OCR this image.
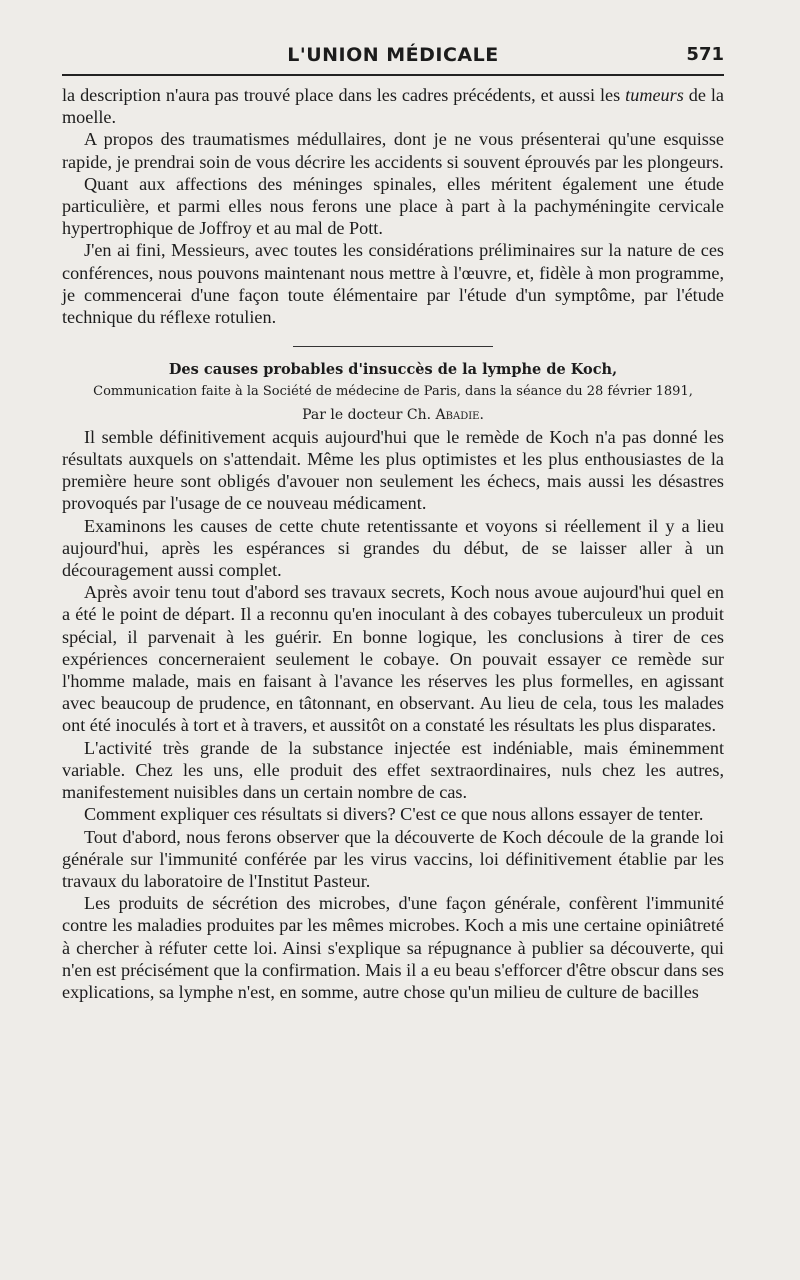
L'UNION MÉDICALE	571

la description n'aura pas trouvé place dans les cadres précédents, et aussi les tumeurs de la moelle.

A propos des traumatismes médullaires, dont je ne vous présenterai qu'une esquisse rapide, je prendrai soin de vous décrire les accidents si souvent éprouvés par les plongeurs.

Quant aux affections des méninges spinales, elles méritent également une étude particulière, et parmi elles nous ferons une place à part à la pachyméningite cervicale hypertrophique de Joffroy et au mal de Pott.

J'en ai fini, Messieurs, avec toutes les considérations préliminaires sur la nature de ces conférences, nous pouvons maintenant nous mettre à l'œuvre, et, fidèle à mon programme, je commencerai d'une façon toute élémentaire par l'étude d'un symptôme, par l'étude technique du réflexe rotulien.

Des causes probables d'insuccès de la lymphe de Koch,

Communication faite à la Société de médecine de Paris, dans la séance du 28 février 1891,

Par le docteur Ch. Abadie.

Il semble définitivement acquis aujourd'hui que le remède de Koch n'a pas donné les résultats auxquels on s'attendait. Même les plus optimistes et les plus enthousiastes de la première heure sont obligés d'avouer non seulement les échecs, mais aussi les désastres provoqués par l'usage de ce nouveau médicament.

Examinons les causes de cette chute retentissante et voyons si réellement il y a lieu aujourd'hui, après les espérances si grandes du début, de se laisser aller à un découragement aussi complet.

Après avoir tenu tout d'abord ses travaux secrets, Koch nous avoue aujourd'hui quel en a été le point de départ. Il a reconnu qu'en inoculant à des cobayes tuberculeux un produit spécial, il parvenait à les guérir. En bonne logique, les conclusions à tirer de ces expériences concerneraient seulement le cobaye. On pouvait essayer ce remède sur l'homme malade, mais en faisant à l'avance les réserves les plus formelles, en agissant avec beaucoup de prudence, en tâtonnant, en observant. Au lieu de cela, tous les malades ont été inoculés à tort et à travers, et aussitôt on a constaté les résultats les plus disparates.

L'activité très grande de la substance injectée est indéniable, mais éminemment variable. Chez les uns, elle produit des effet sextraordinaires, nuls chez les autres, manifestement nuisibles dans un certain nombre de cas.

Comment expliquer ces résultats si divers? C'est ce que nous allons essayer de tenter.

Tout d'abord, nous ferons observer que la découverte de Koch découle de la grande loi générale sur l'immunité conférée par les virus vaccins, loi définitivement établie par les travaux du laboratoire de l'Institut Pasteur.

Les produits de sécrétion des microbes, d'une façon générale, confèrent l'immunité contre les maladies produites par les mêmes microbes. Koch a mis une certaine opiniâtreté à chercher à réfuter cette loi. Ainsi s'explique sa répugnance à publier sa découverte, qui n'en est précisément que la confirmation. Mais il a eu beau s'efforcer d'être obscur dans ses explications, sa lymphe n'est, en somme, autre chose qu'un milieu de culture de bacilles
